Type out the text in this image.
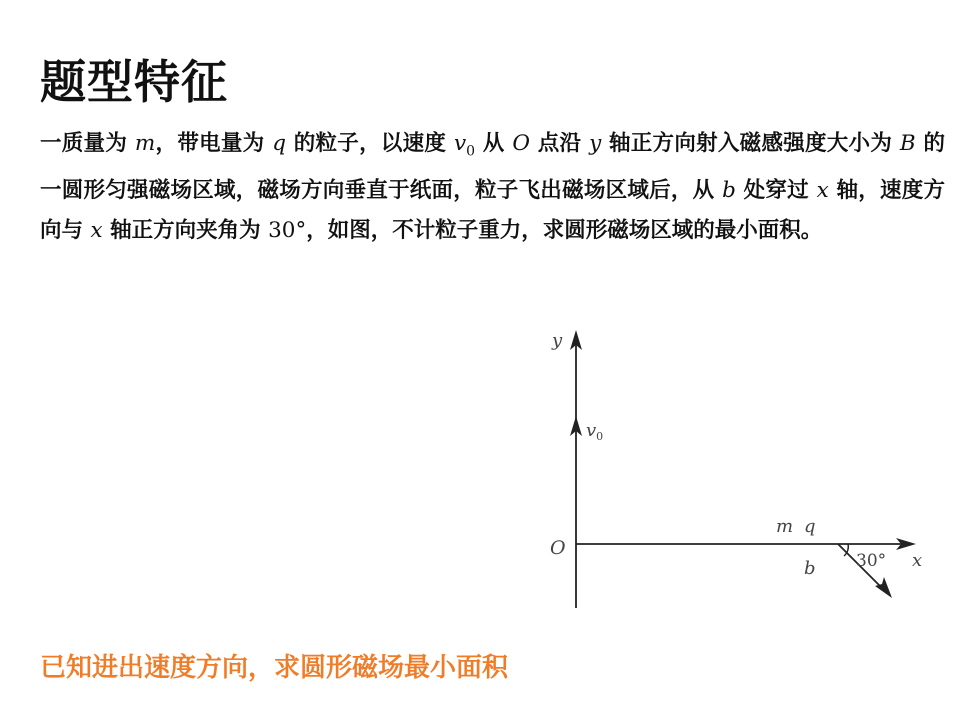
题型特征

一质量为 m，带电量为 q 的粒子，以速度 $v_0$ 从 O 点沿 y 轴正方向射入磁感强度大小为 B 的一圆形匀强磁场区域，磁场方向垂直于纸面，粒子飞出磁场区域后，从 b 处穿过 x 轴，速度方向与 x 轴正方向夹角为 30°，如图，不计粒子重力，求圆形磁场区域的最小面积。

y
$v_0$
x
O
m q
b 30°

已知进出速度方向，求圆形磁场最小面积
